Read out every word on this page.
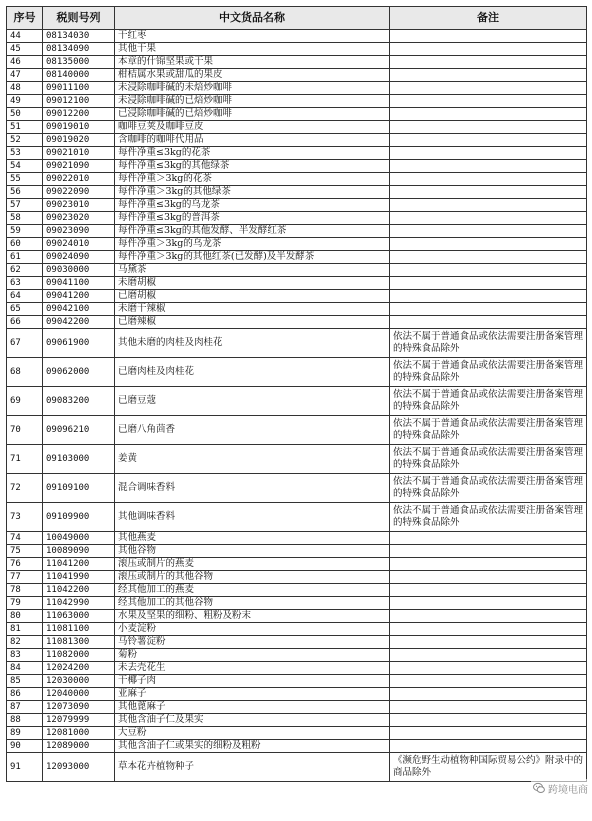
序号	税则号列	中文货品名称	备注
44	08134030	干红枣	
45	08134090	其他干果	
46	08135000	本章的什锦坚果或干果	
47	08140000	柑桔属水果或甜瓜的果皮	
48	09011100	未浸除咖啡碱的未焙炒咖啡	
49	09012100	未浸除咖啡碱的已焙炒咖啡	
50	09012200	已浸除咖啡碱的已焙炒咖啡	
51	09019010	咖啡豆荚及咖啡豆皮	
52	09019020	含咖啡的咖啡代用品	
53	09021010	每件净重≤3kg的花茶	
54	09021090	每件净重≤3kg的其他绿茶	
55	09022010	每件净重＞3kg的花茶	
56	09022090	每件净重＞3kg的其他绿茶	
57	09023010	每件净重≤3kg的乌龙茶	
58	09023020	每件净重≤3kg的普洱茶	
59	09023090	每件净重≤3kg的其他发酵、半发酵红茶	
60	09024010	每件净重＞3kg的乌龙茶	
61	09024090	每件净重＞3kg的其他红茶(已发酵)及半发酵茶	
62	09030000	马黛茶	
63	09041100	未磨胡椒	
64	09041200	已磨胡椒	
65	09042100	未磨干辣椒	
66	09042200	已磨辣椒	
67	09061900	其他未磨的肉桂及肉桂花	依法不属于普通食品或依法需要注册备案管理的特殊食品除外
68	09062000	已磨肉桂及肉桂花	依法不属于普通食品或依法需要注册备案管理的特殊食品除外
69	09083200	已磨豆蔻	依法不属于普通食品或依法需要注册备案管理的特殊食品除外
70	09096210	已磨八角茴香	依法不属于普通食品或依法需要注册备案管理的特殊食品除外
71	09103000	姜黄	依法不属于普通食品或依法需要注册备案管理的特殊食品除外
72	09109100	混合调味香料	依法不属于普通食品或依法需要注册备案管理的特殊食品除外
73	09109900	其他调味香料	依法不属于普通食品或依法需要注册备案管理的特殊食品除外
74	10049000	其他燕麦	
75	10089090	其他谷物	
76	11041200	滚压或制片的燕麦	
77	11041990	滚压或制片的其他谷物	
78	11042200	经其他加工的燕麦	
79	11042990	经其他加工的其他谷物	
80	11063000	水果及坚果的细粉、粗粉及粉末	
81	11081100	小麦淀粉	
82	11081300	马铃薯淀粉	
83	11082000	菊粉	
84	12024200	未去壳花生	
85	12030000	干椰子肉	
86	12040000	亚麻子	
87	12073090	其他蓖麻子	
88	12079999	其他含油子仁及果实	
89	12081000	大豆粉	
90	12089000	其他含油子仁或果实的细粉及粗粉	
91	12093000	草本花卉植物种子	《濒危野生动植物种国际贸易公约》附录中的商品除外
跨境电商
